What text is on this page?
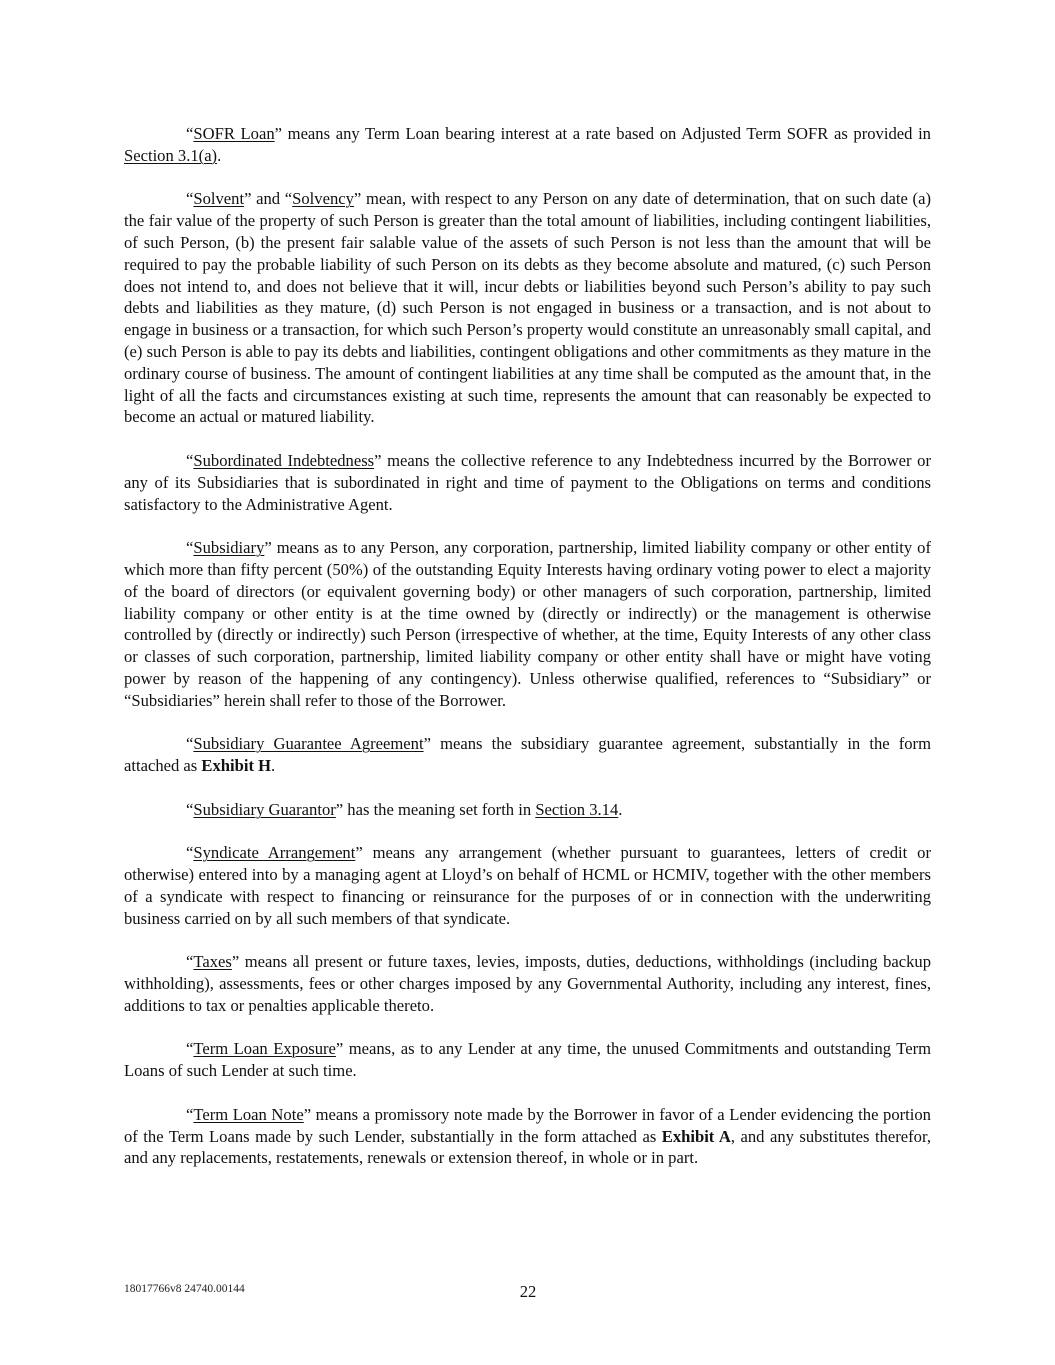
“SOFR Loan” means any Term Loan bearing interest at a rate based on Adjusted Term SOFR as provided in Section 3.1(a).

“Solvent” and “Solvency” mean, with respect to any Person on any date of determination, that on such date (a) the fair value of the property of such Person is greater than the total amount of liabilities, including contingent liabilities, of such Person, (b) the present fair salable value of the assets of such Person is not less than the amount that will be required to pay the probable liability of such Person on its debts as they become absolute and matured, (c) such Person does not intend to, and does not believe that it will, incur debts or liabilities beyond such Person’s ability to pay such debts and liabilities as they mature, (d) such Person is not engaged in business or a transaction, and is not about to engage in business or a transaction, for which such Person’s property would constitute an unreasonably small capital, and (e) such Person is able to pay its debts and liabilities, contingent obligations and other commitments as they mature in the ordinary course of business. The amount of contingent liabilities at any time shall be computed as the amount that, in the light of all the facts and circumstances existing at such time, represents the amount that can reasonably be expected to become an actual or matured liability.

“Subordinated Indebtedness” means the collective reference to any Indebtedness incurred by the Borrower or any of its Subsidiaries that is subordinated in right and time of payment to the Obligations on terms and conditions satisfactory to the Administrative Agent.

“Subsidiary” means as to any Person, any corporation, partnership, limited liability company or other entity of which more than fifty percent (50%) of the outstanding Equity Interests having ordinary voting power to elect a majority of the board of directors (or equivalent governing body) or other managers of such corporation, partnership, limited liability company or other entity is at the time owned by (directly or indirectly) or the management is otherwise controlled by (directly or indirectly) such Person (irrespective of whether, at the time, Equity Interests of any other class or classes of such corporation, partnership, limited liability company or other entity shall have or might have voting power by reason of the happening of any contingency). Unless otherwise qualified, references to “Subsidiary” or “Subsidiaries” herein shall refer to those of the Borrower.

“Subsidiary Guarantee Agreement” means the subsidiary guarantee agreement, substantially in the form attached as Exhibit H.

“Subsidiary Guarantor” has the meaning set forth in Section 3.14.

“Syndicate Arrangement” means any arrangement (whether pursuant to guarantees, letters of credit or otherwise) entered into by a managing agent at Lloyd’s on behalf of HCML or HCMIV, together with the other members of a syndicate with respect to financing or reinsurance for the purposes of or in connection with the underwriting business carried on by all such members of that syndicate.

“Taxes” means all present or future taxes, levies, imposts, duties, deductions, withholdings (including backup withholding), assessments, fees or other charges imposed by any Governmental Authority, including any interest, fines, additions to tax or penalties applicable thereto.

“Term Loan Exposure” means, as to any Lender at any time, the unused Commitments and outstanding Term Loans of such Lender at such time.

“Term Loan Note” means a promissory note made by the Borrower in favor of a Lender evidencing the portion of the Term Loans made by such Lender, substantially in the form attached as Exhibit A, and any substitutes therefor, and any replacements, restatements, renewals or extension thereof, in whole or in part.

18017766v8 24740.00144	22
